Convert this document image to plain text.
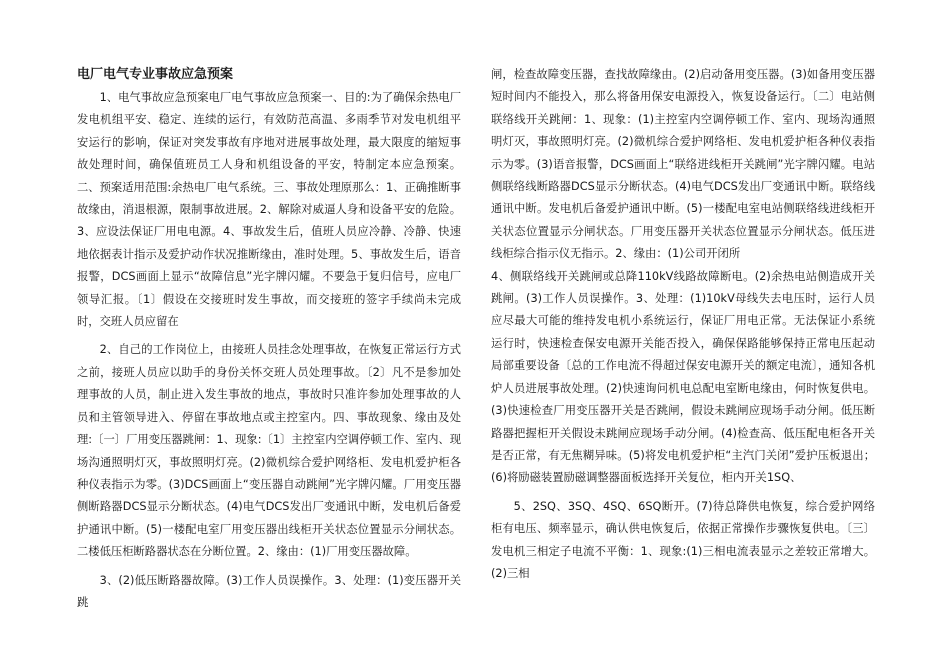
电厂电气专业事故应急预案

1、电气事故应急预案电厂电气事故应急预案一、目的:为了确保余热电厂发电机组平安、稳定、连续的运行，有效防范高温、多雨季节对发电机组平安运行的影响，保证对突发事故有序地对进展事故处理，最大限度的缩短事故处理时间，确保值班员工人身和机组设备的平安，特制定本应急预案。二、预案适用范围:余热电厂电气系统。三、事故处理原那么：1、正确推断事故缘由，消退根源，限制事故进展。2、解除对威逼人身和设备平安的危险。3、应设法保证厂用电电源。4、事故发生后，值班人员应冷静、冷静、快速地依据表计指示及爱护动作状况推断缘由，准时处理。5、事故发生后，语音报警，DCS画面上显示“故障信息”光字牌闪耀。不要急于复归信号，应电厂领导汇报。〔1〕假设在交接班时发生事故，而交接班的签字手续尚未完成时，交班人员应留在

2、自己的工作岗位上，由接班人员挂念处理事故，在恢复正常运行方式之前，接班人员应以助手的身份关怀交班人员处理事故。〔2〕凡不是参加处理事故的人员，制止进入发生事故的地点，事故时只准许参加处理事故的人员和主管领导进入、停留在事故地点或主控室内。四、事故现象、缘由及处理:〔一〕厂用变压器跳闸：1、现象:〔1〕主控室内空调停顿工作、室内、现场沟通照明灯灭，事故照明灯亮。(2)微机综合爱护网络柜、发电机爱护柜各种仪表指示为零。(3)DCS画面上“变压器自动跳闸”光字牌闪耀。厂用变压器侧断路器DCS显示分断状态。(4)电气DCS发出厂变通讯中断，发电机后备爱护通讯中断。(5)一楼配电室厂用变压器出线柜开关状态位置显示分闸状态。二楼低压柜断路器状态在分断位置。2、缘由：(1)厂用变压器故障。

3、(2)低压断路器故障。(3)工作人员误操作。3、处理：(1)变压器开关跳

闸，检查故障变压器，查找故障缘由。(2)启动备用变压器。(3)如备用变压器短时间内不能投入，那么将备用保安电源投入，恢复设备运行。〔二〕电站侧联络线开关跳闸：1、现象：(1)主控室内空调停顿工作、室内、现场沟通照明灯灭，事故照明灯亮。(2)微机综合爱护网络柜、发电机爱护柜各种仪表指示为零。(3)语音报警，DCS画面上“联络进线柜开关跳闸”光字牌闪耀。电站侧联络线断路器DCS显示分断状态。(4)电气DCS发出厂变通讯中断。联络线通讯中断。发电机后备爱护通讯中断。(5)一楼配电室电站侧联络线进线柜开关状态位置显示分闸状态。厂用变压器开关状态位置显示分闸状态。低压进线柜综合指示仪无指示。2、缘由：(1)公司开闭所

4、侧联络线开关跳闸或总降110kV线路故障断电。(2)余热电站侧造成开关跳闸。(3)工作人员误操作。3、处理：(1)10kV母线失去电压时，运行人员应尽最大可能的维持发电机小系统运行，保证厂用电正常。无法保证小系统运行时，快速检查保安电源开关能否投入，确保保路能够保持正常电压起动局部重要设备〔总的工作电流不得超过保安电源开关的额定电流〕，通知各机炉人员进展事故处理。(2)快速询问机电总配电室断电缘由，何时恢复供电。(3)快速检查厂用变压器开关是否跳闸，假设未跳闸应现场手动分闸。低压断路器把握柜开关假设未跳闸应现场手动分闸。(4)检查高、低压配电柜各开关是否正常，有无焦糊异味。(5)将发电机爱护柜“主汽门关闭”爱护压板退出；(6)将励磁装置励磁调整器面板选择开关复位，柜内开关1SQ、

5、2SQ、3SQ、4SQ、6SQ断开。(7)待总降供电恢复，综合爱护网络柜有电压、频率显示，确认供电恢复后，依据正常操作步骤恢复供电。〔三〕发电机三相定子电流不平衡：1、现象:(1)三相电流表显示之差较正常增大。(2)三相
